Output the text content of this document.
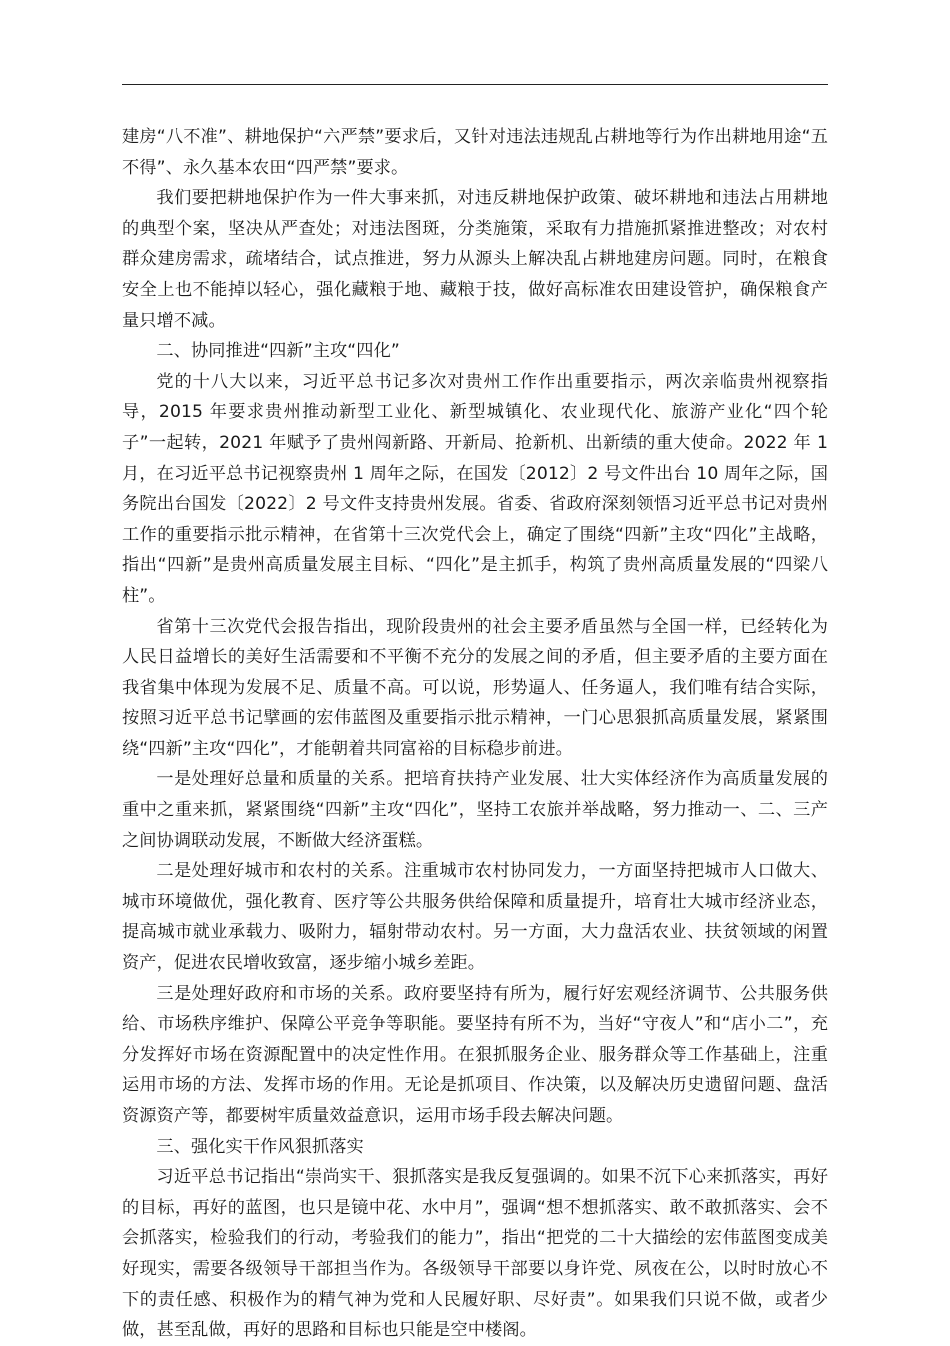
建房“八不准”、耕地保护“六严禁”要求后，又针对违法违规乱占耕地等行为作出耕地用途“五不得”、永久基本农田“四严禁”要求。

我们要把耕地保护作为一件大事来抓，对违反耕地保护政策、破坏耕地和违法占用耕地的典型个案，坚决从严查处；对违法图斑，分类施策，采取有力措施抓紧推进整改；对农村群众建房需求，疏堵结合，试点推进，努力从源头上解决乱占耕地建房问题。同时，在粮食安全上也不能掉以轻心，强化藏粮于地、藏粮于技，做好高标准农田建设管护，确保粮食产量只增不减。

二、协同推进“四新”主攻“四化”

党的十八大以来，习近平总书记多次对贵州工作作出重要指示，两次亲临贵州视察指导，2015 年要求贵州推动新型工业化、新型城镇化、农业现代化、旅游产业化“四个轮子”一起转，2021 年赋予了贵州闯新路、开新局、抢新机、出新绩的重大使命。2022 年 1 月，在习近平总书记视察贵州 1 周年之际，在国发〔2012〕2 号文件出台 10 周年之际，国务院出台国发〔2022〕2 号文件支持贵州发展。省委、省政府深刻领悟习近平总书记对贵州工作的重要指示批示精神，在省第十三次党代会上，确定了围绕“四新”主攻“四化”主战略，指出“四新”是贵州高质量发展主目标、“四化”是主抓手，构筑了贵州高质量发展的“四梁八柱”。

省第十三次党代会报告指出，现阶段贵州的社会主要矛盾虽然与全国一样，已经转化为人民日益增长的美好生活需要和不平衡不充分的发展之间的矛盾，但主要矛盾的主要方面在我省集中体现为发展不足、质量不高。可以说，形势逼人、任务逼人，我们唯有结合实际，按照习近平总书记擘画的宏伟蓝图及重要指示批示精神，一门心思狠抓高质量发展，紧紧围绕“四新”主攻“四化”，才能朝着共同富裕的目标稳步前进。

一是处理好总量和质量的关系。把培育扶持产业发展、壮大实体经济作为高质量发展的重中之重来抓，紧紧围绕“四新”主攻“四化”，坚持工农旅并举战略，努力推动一、二、三产之间协调联动发展，不断做大经济蛋糕。

二是处理好城市和农村的关系。注重城市农村协同发力，一方面坚持把城市人口做大、城市环境做优，强化教育、医疗等公共服务供给保障和质量提升，培育壮大城市经济业态，提高城市就业承载力、吸附力，辐射带动农村。另一方面，大力盘活农业、扶贫领域的闲置资产，促进农民增收致富，逐步缩小城乡差距。

三是处理好政府和市场的关系。政府要坚持有所为，履行好宏观经济调节、公共服务供给、市场秩序维护、保障公平竞争等职能。要坚持有所不为，当好“守夜人”和“店小二”，充分发挥好市场在资源配置中的决定性作用。在狠抓服务企业、服务群众等工作基础上，注重运用市场的方法、发挥市场的作用。无论是抓项目、作决策，以及解决历史遗留问题、盘活资源资产等，都要树牢质量效益意识，运用市场手段去解决问题。

三、强化实干作风狠抓落实

习近平总书记指出“崇尚实干、狠抓落实是我反复强调的。如果不沉下心来抓落实，再好的目标，再好的蓝图，也只是镜中花、水中月”，强调“想不想抓落实、敢不敢抓落实、会不会抓落实，检验我们的行动，考验我们的能力”，指出“把党的二十大描绘的宏伟蓝图变成美好现实，需要各级领导干部担当作为。各级领导干部要以身许党、夙夜在公，以时时放心不下的责任感、积极作为的精气神为党和人民履好职、尽好责”。如果我们只说不做，或者少做，甚至乱做，再好的思路和目标也只能是空中楼阁。
